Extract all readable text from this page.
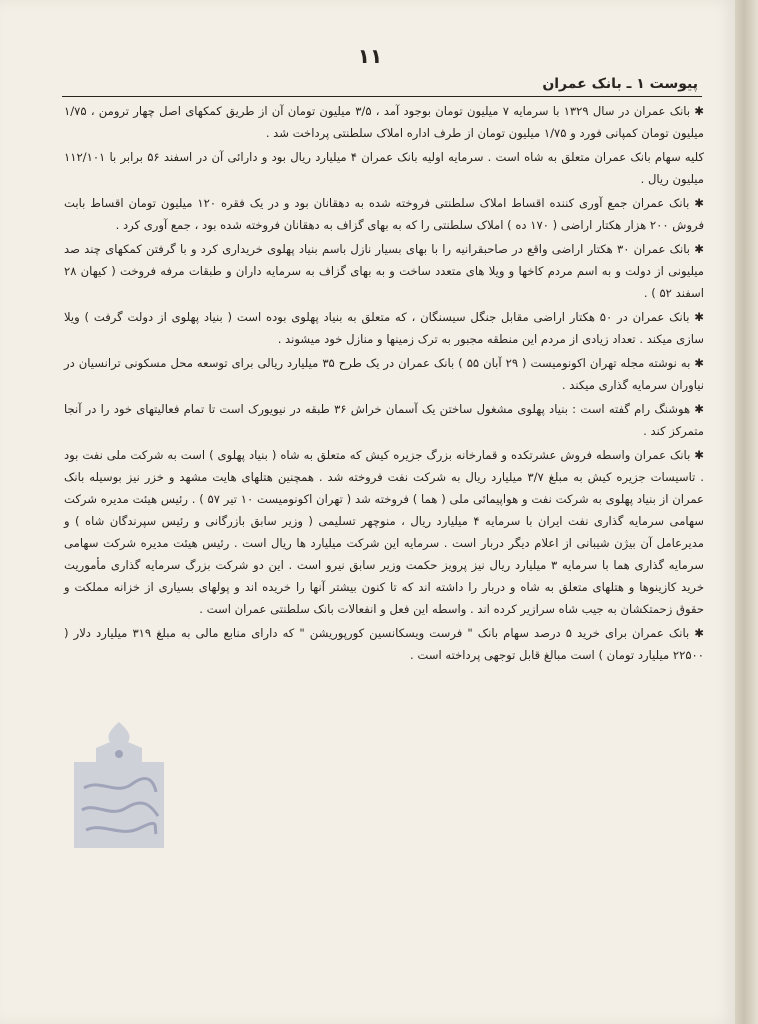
۱۱
پیوست ۱ ـ بانک عمران

✱ بانک عمران در سال ۱۳۲۹ با سرمایه ۷ میلیون تومان بوجود آمد ، ۳/۵ میلیون تومان آن از طریق کمکهای اصل چهار ترومن ، ۱/۷۵ میلیون تومان کمپانی فورد و ۱/۷۵ میلیون تومان از طرف اداره املاک سلطنتی پرداخت شد .

کلیه سهام بانک عمران متعلق به شاه است . سرمایه اولیه بانک عمران ۴ میلیارد ریال بود و دارائی آن در اسفند ۵۶ برابر با ۱۱۲/۱۰۱ میلیون ریال .

✱ بانک عمران جمع آوری کننده اقساط املاک سلطنتی فروخته شده به دهقانان بود و در یک فقره ۱۲۰ میلیون تومان اقساط بابت فروش ۲۰۰ هزار هکتار اراضی ( ۱۷۰ ده ) املاک سلطنتی را که به بهای گزاف به دهقانان فروخته شده بود ، جمع آوری کرد .

✱ بانک عمران ۳۰ هکتار اراضی واقع در صاحبقرانیه را با بهای بسیار نازل باسم بنیاد پهلوی خریداری کرد و با گرفتن کمکهای چند صد میلیونی از دولت و به اسم مردم کاخها و ویلا های متعدد ساخت و به بهای گزاف به سرمایه داران و طبقات مرفه فروخت ( کیهان ۲۸ اسفند ۵۲ ) .

✱ بانک عمران در ۵۰ هکتار اراضی مقابل جنگل سیسنگان ، که متعلق به بنیاد پهلوی بوده است ( بنیاد پهلوی از دولت گرفت ) ویلا سازی میکند . تعداد زیادی از مردم این منطقه مجبور به ترک زمینها و منازل خود میشوند .

✱ به نوشته مجله تهران اکونومیست ( ۲۹ آبان ۵۵ ) بانک عمران در یک طرح ۳۵ میلیارد ریالی برای توسعه محل مسکونی ترانسیان در نیاوران سرمایه گذاری میکند .

✱ هوشنگ رام گفته است : بنیاد پهلوی مشغول ساختن یک آسمان خراش ۳۶ طبقه در نیویورک است تا تمام فعالیتهای خود را در آنجا متمرکز کند .

✱ بانک عمران واسطه فروش عشرتکده و قمارخانه بزرگ جزیره کیش که متعلق به شاه ( بنیاد پهلوی ) است به شرکت ملی نفت بود . تاسیسات جزیره کیش به مبلغ ۳/۷ میلیارد ریال به شرکت نفت فروخته شد . همچنین هتلهای هایت مشهد و خزر نیز بوسیله بانک عمران از بنیاد پهلوی به شرکت نفت و هواپیمائی ملی ( هما ) فروخته شد ( تهران اکونومیست ۱۰ تیر ۵۷ ) . رئیس هیئت مدیره شرکت سهامی سرمایه گذاری نفت ایران با سرمایه ۴ میلیارد ریال ، منوچهر تسلیمی ( وزیر سابق بازرگانی و رئیس سپرندگان شاه ) و مدیرعامل آن بیژن شیبانی از اعلام دیگر دربار است . سرمایه این شرکت میلیارد ها ریال است . رئیس هیئت مدیره شرکت سهامی سرمایه گذاری هما با سرمایه ۳ میلیارد ریال نیز پرویز حکمت وزیر سابق نیرو است . این دو شرکت بزرگ سرمایه گذاری مأموریت خرید کازینوها و هتلهای متعلق به شاه و دربار را داشته اند که تا کنون بیشتر آنها را خریده اند و پولهای بسیاری از خزانه مملکت و حقوق زحمتکشان به جیب شاه سرازیر کرده اند . واسطه این فعل و انفعالات بانک سلطنتی عمران است .

✱ بانک عمران برای خرید ۵ درصد سهام بانک " فرست ویسکانسین کورپوریشن " که دارای منابع مالی به مبلغ ۳۱۹ میلیارد دلار ( ۲۲۵۰۰ میلیارد تومان ) است مبالغ قابل توجهی پرداخته است .
